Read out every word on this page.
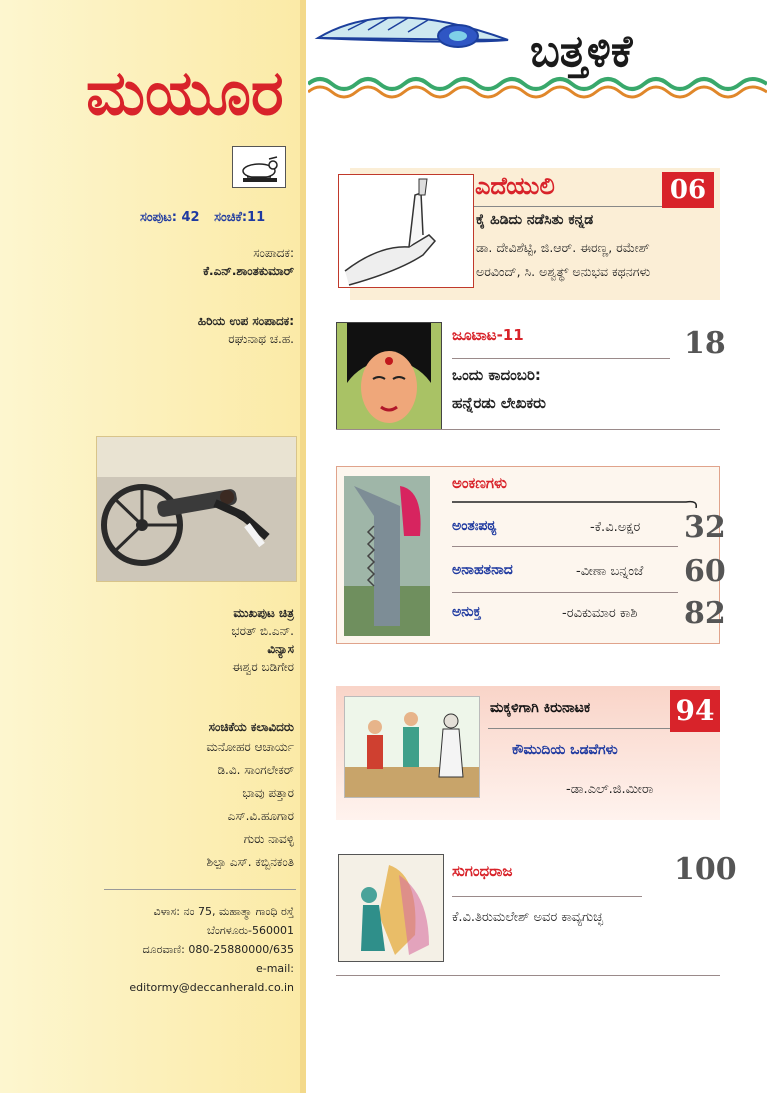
ಮಯೂರ
ಸಂಪುಟ: 42 ಸಂಚಿಕೆ:11
ಸಂಪಾದಕ:
ಕೆ.ಎನ್.ಶಾಂತಕುಮಾರ್
ಹಿರಿಯ ಉಪ ಸಂಪಾದಕ:
ರಘುನಾಥ ಚ.ಹ.
ಮುಖಪುಟ ಚಿತ್ರ
ಭರತ್ ಬಿ.ಎನ್.
ವಿನ್ಯಾಸ
ಈಶ್ವರ ಬಡಿಗೇರ
ಸಂಚಿಕೆಯ ಕಲಾವಿದರು
ಮನೋಹರ ಆಚಾರ್ಯ
ಡಿ.ವಿ. ಸಾಂಗಲೇಕರ್
ಭಾವು ಪತ್ತಾರ
ಎಸ್.ವಿ.ಹೂಗಾರ
ಗುರು ನಾವಳ್ಳಿ
ಶಿಲ್ಪಾ ಎಸ್. ಕಬ್ಬಿನಕಂತಿ
ವಿಳಾಸ: ನಂ 75, ಮಹಾತ್ಮಾ ಗಾಂಧಿ ರಸ್ತೆ
ಬೆಂಗಳೂರು-560001
ದೂರವಾಣಿ: 080-25880000/635
e-mail: editormy@deccanherald.co.in
ಬತ್ತಳಿಕೆ
ಎದೆಯುಲಿ	06
ಕೈ ಹಿಡಿದು ನಡೆಸಿತು ಕನ್ನಡ
ಡಾ. ದೇವಿಶೆಟ್ಟಿ, ಜಿ.ಆರ್. ಈರಣ್ಣ, ರಮೇಶ್
ಅರವಿಂದ್, ಸಿ. ಅಶ್ವತ್ಥ್ ಅನುಭವ ಕಥನಗಳು
ಜೂಟಾಟ-11	18
ಒಂದು ಕಾದಂಬರಿ:
ಹನ್ನೆರಡು ಲೇಖಕರು
ಅಂಕಣಗಳು
ಅಂತಃಪಠ್ಯ	-ಕೆ.ವಿ.ಅಕ್ಷರ 32
ಅನಾಹತನಾದ	-ವೀಣಾ ಬನ್ನಂಜೆ 60
ಅನುಕ್ತ	-ರವಿಕುಮಾರ ಕಾಶಿ 82
ಮಕ್ಕಳಿಗಾಗಿ ಕಿರುನಾಟಕ	94
ಕೌಮುದಿಯ ಒಡವೆಗಳು
-ಡಾ.ಎಲ್.ಜಿ.ಮೀರಾ
ಸುಗಂಧರಾಜ	100
ಕೆ.ವಿ.ತಿರುಮಲೇಶ್ ಅವರ ಕಾವ್ಯಗುಚ್ಛ
